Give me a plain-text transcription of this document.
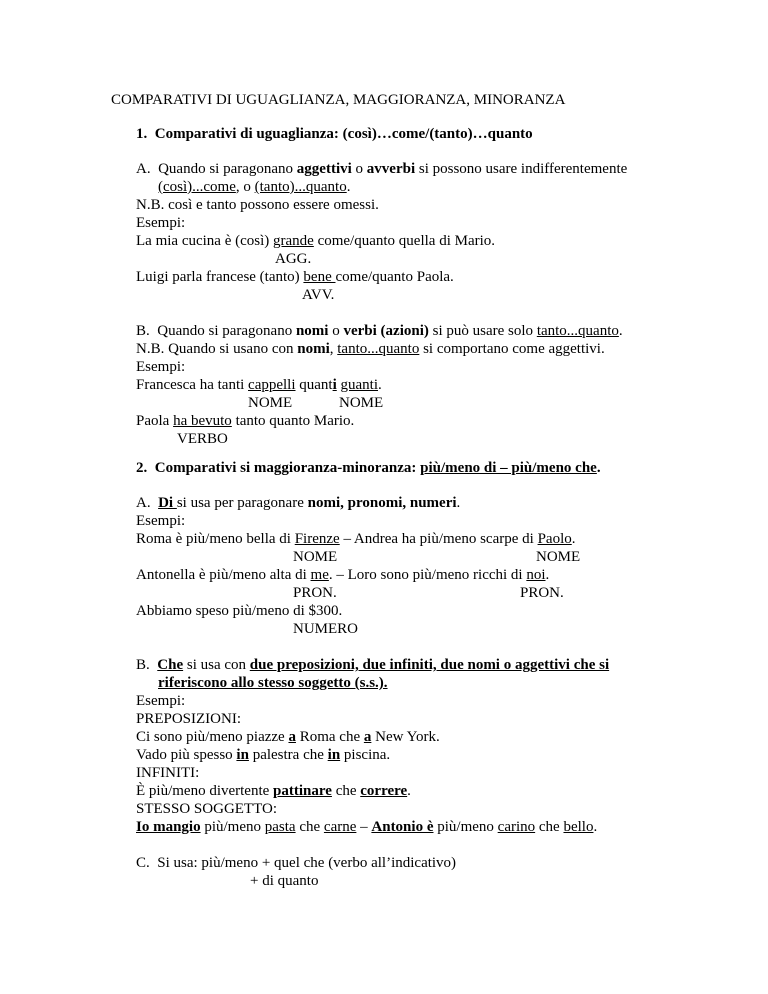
COMPARATIVI DI UGUAGLIANZA, MAGGIORANZA, MINORANZA
1.  Comparativi di uguaglianza: (così)…come/(tanto)…quanto
A.  Quando si paragonano aggettivi o avverbi si possono usare indifferentemente
(così)...come, o (tanto)...quanto.
N.B. così e tanto possono essere omessi.
Esempi:
La mia cucina è (così) grande come/quanto quella di Mario.
AGG.
Luigi parla francese (tanto) bene come/quanto Paola.
AVV.
B.  Quando si paragonano nomi o verbi (azioni) si può usare solo tanto...quanto.
N.B. Quando si usano con nomi, tanto...quanto si comportano come aggettivi.
Esempi:
Francesca ha tanti cappelli quanti guanti.
NOME	NOME
Paola ha bevuto tanto quanto Mario.
VERBO
2.  Comparativi si maggioranza-minoranza: più/meno di – più/meno che.
A.  Di si usa per paragonare nomi, pronomi, numeri.
Esempi:
Roma è più/meno bella di Firenze – Andrea ha più/meno scarpe di Paolo.
NOME	NOME
Antonella è più/meno alta di me. – Loro sono più/meno ricchi di noi.
PRON.	PRON.
Abbiamo speso più/meno di $300.
NUMERO
B.  Che si usa con due preposizioni, due infiniti, due nomi o aggettivi che si
riferiscono allo stesso soggetto (s.s.).
Esempi:
PREPOSIZIONI:
Ci sono più/meno piazze a Roma che a New York.
Vado più spesso in palestra che in piscina.
INFINITI:
È più/meno divertente pattinare che correre.
STESSO SOGGETTO:
Io mangio più/meno pasta che carne – Antonio è più/meno carino che bello.
C.  Si usa: più/meno + quel che (verbo all’indicativo)
+ di quanto
